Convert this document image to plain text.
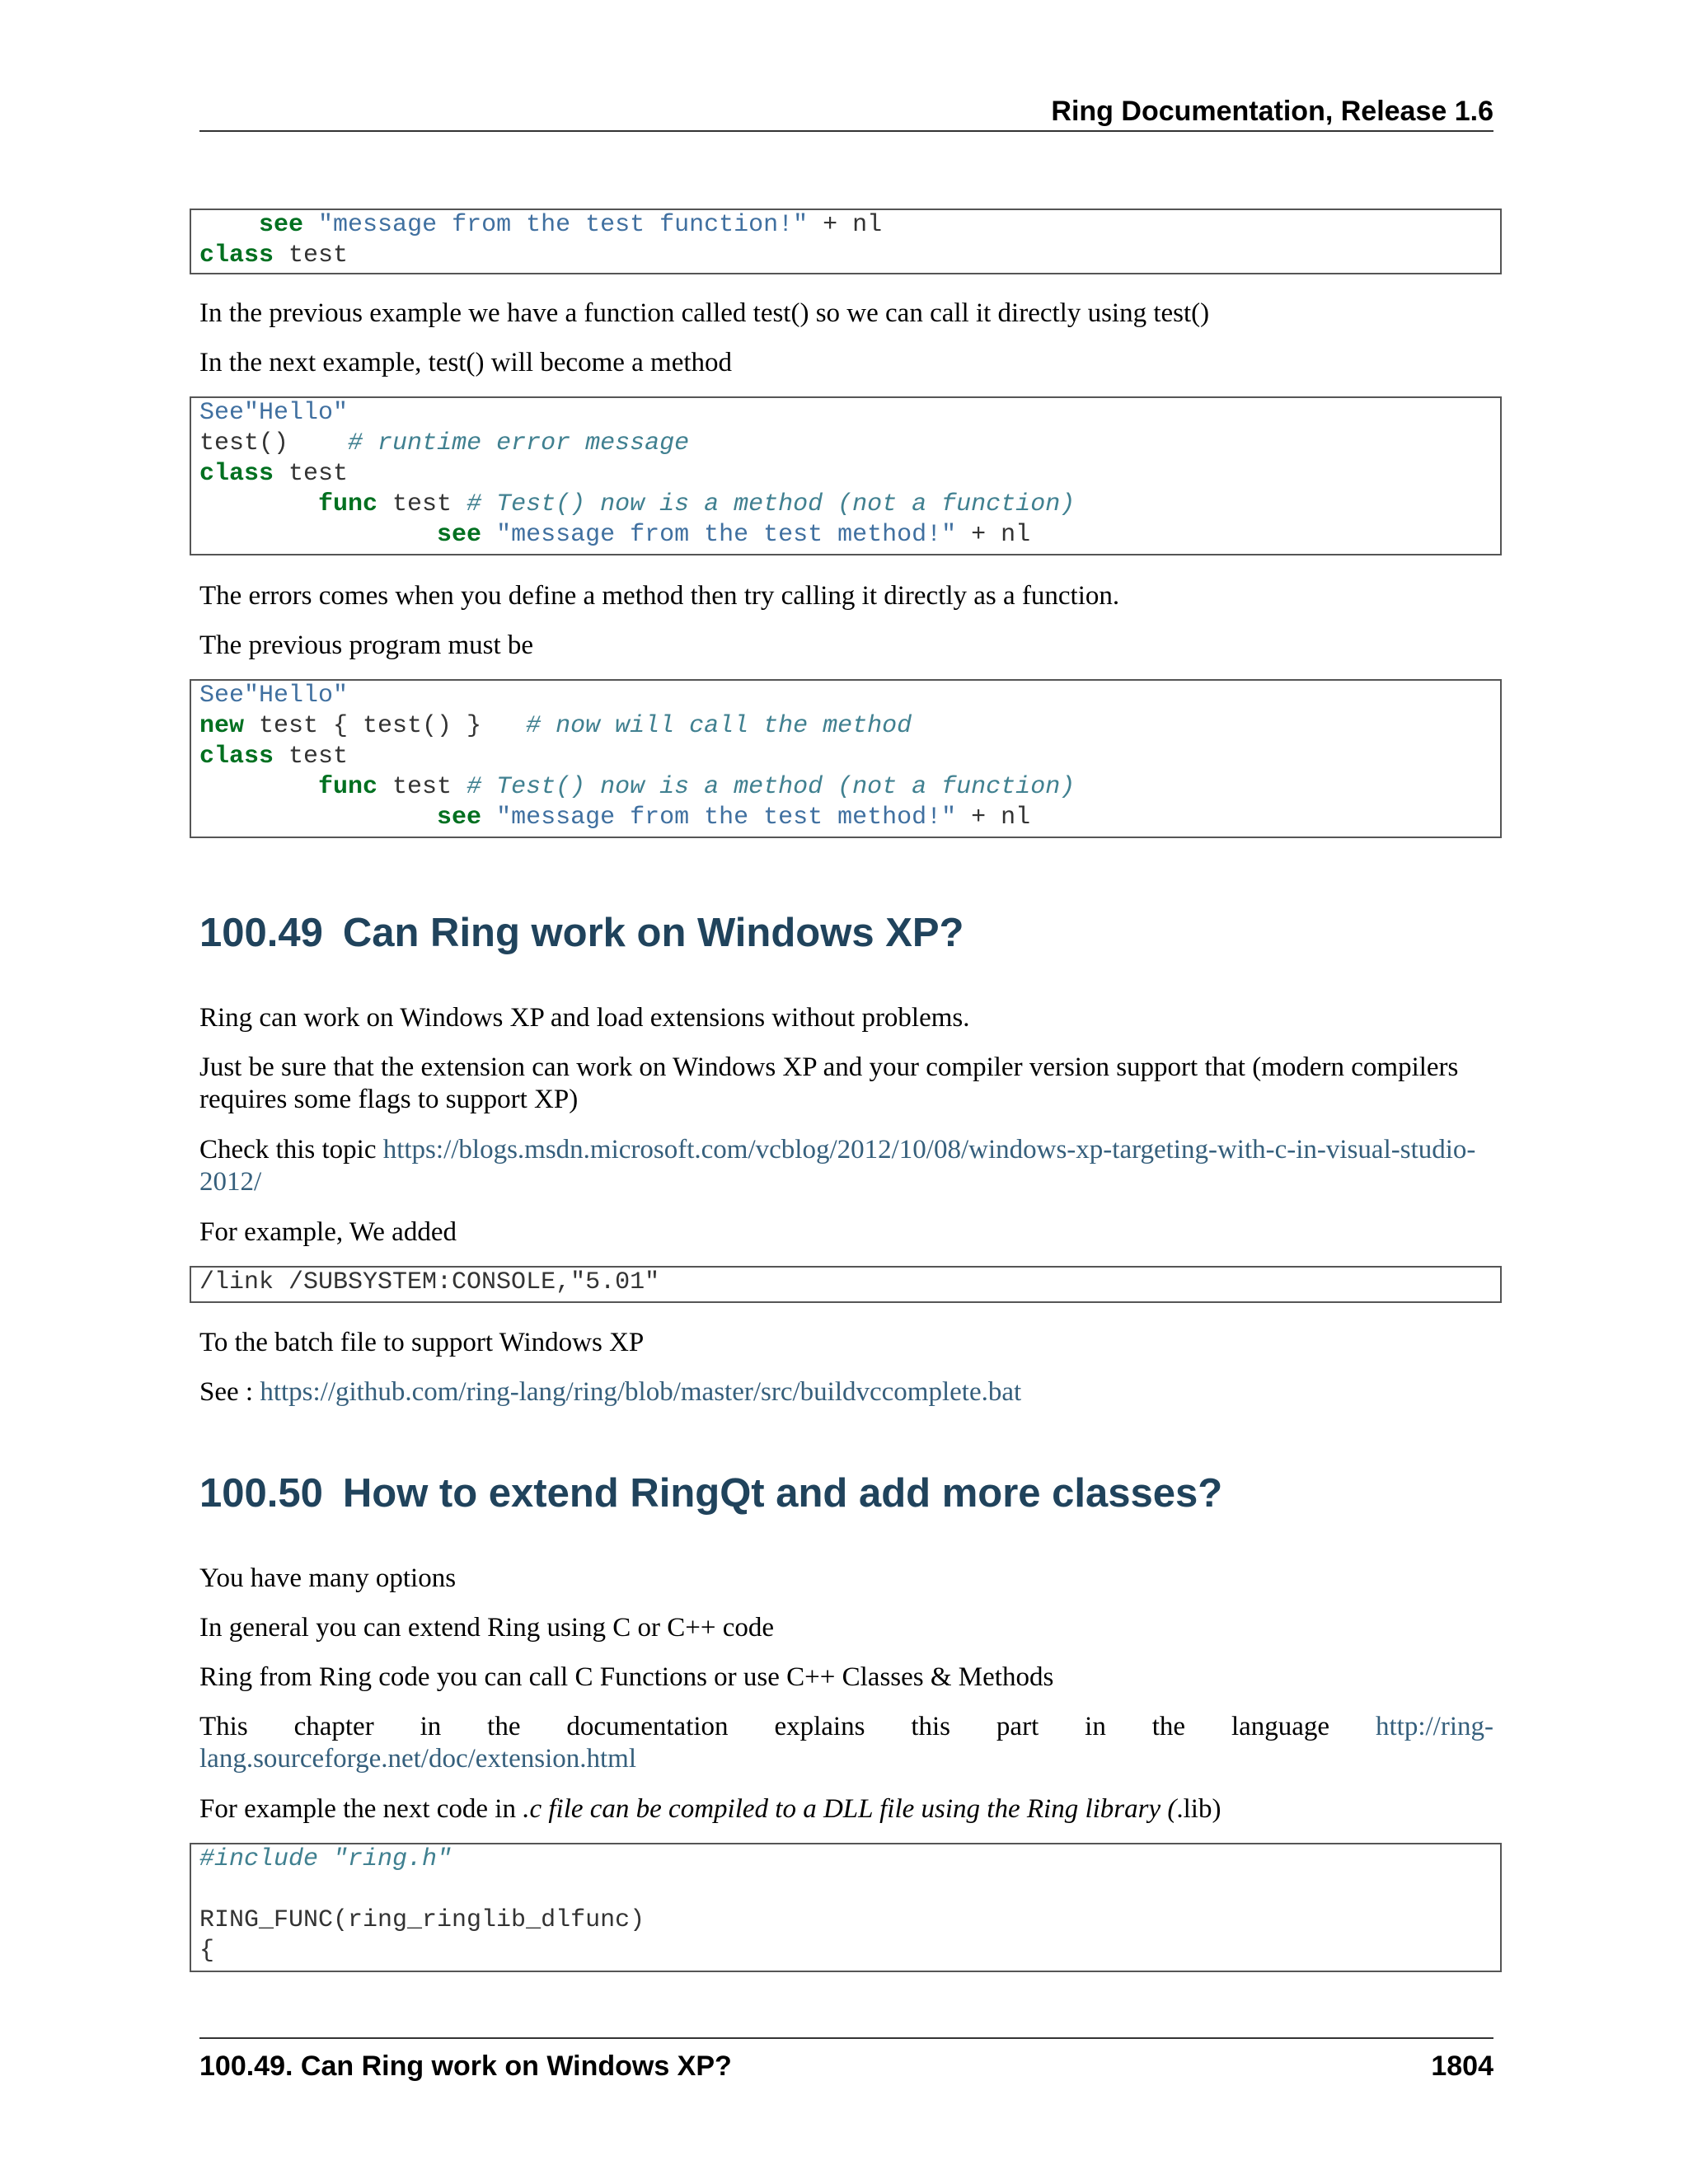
Ring Documentation, Release 1.6
see "message from the test function!" + nl
class test

In the previous example we have a function called test() so we can call it directly using test()

In the next example, test() will become a method

See"Hello"
test() # runtime error message
class test
func test # Test() now is a method (not a function)
see "message from the test method!" + nl

The errors comes when you define a method then try calling it directly as a function.

The previous program must be

See"Hello"
new test { test() } # now will call the method
class test
func test # Test() now is a method (not a function)
see "message from the test method!" + nl
100.49 Can Ring work on Windows XP?

Ring can work on Windows XP and load extensions without problems.

Just be sure that the extension can work on Windows XP and your compiler version support that (modern compilers requires some flags to support XP)

Check this topic https://blogs.msdn.microsoft.com/vcblog/2012/10/08/windows-xp-targeting-with-c-in-visual-studio-2012/

For example, We added

/link /SUBSYSTEM:CONSOLE,"5.01"

To the batch file to support Windows XP

See : https://github.com/ring-lang/ring/blob/master/src/buildvccomplete.bat

100.50 How to extend RingQt and add more classes?

You have many options

In general you can extend Ring using C or C++ code

Ring from Ring code you can call C Functions or use C++ Classes & Methods

This chapter in the documentation explains this part in the language http://ring-

lang.sourceforge.net/doc/extension.html

For example the next code in .c file can be compiled to a DLL file using the Ring library (.lib)

#include "ring.h"

RING_FUNC(ring_ringlib_dlfunc)
{
100.49. Can Ring work on Windows XP?	1804
